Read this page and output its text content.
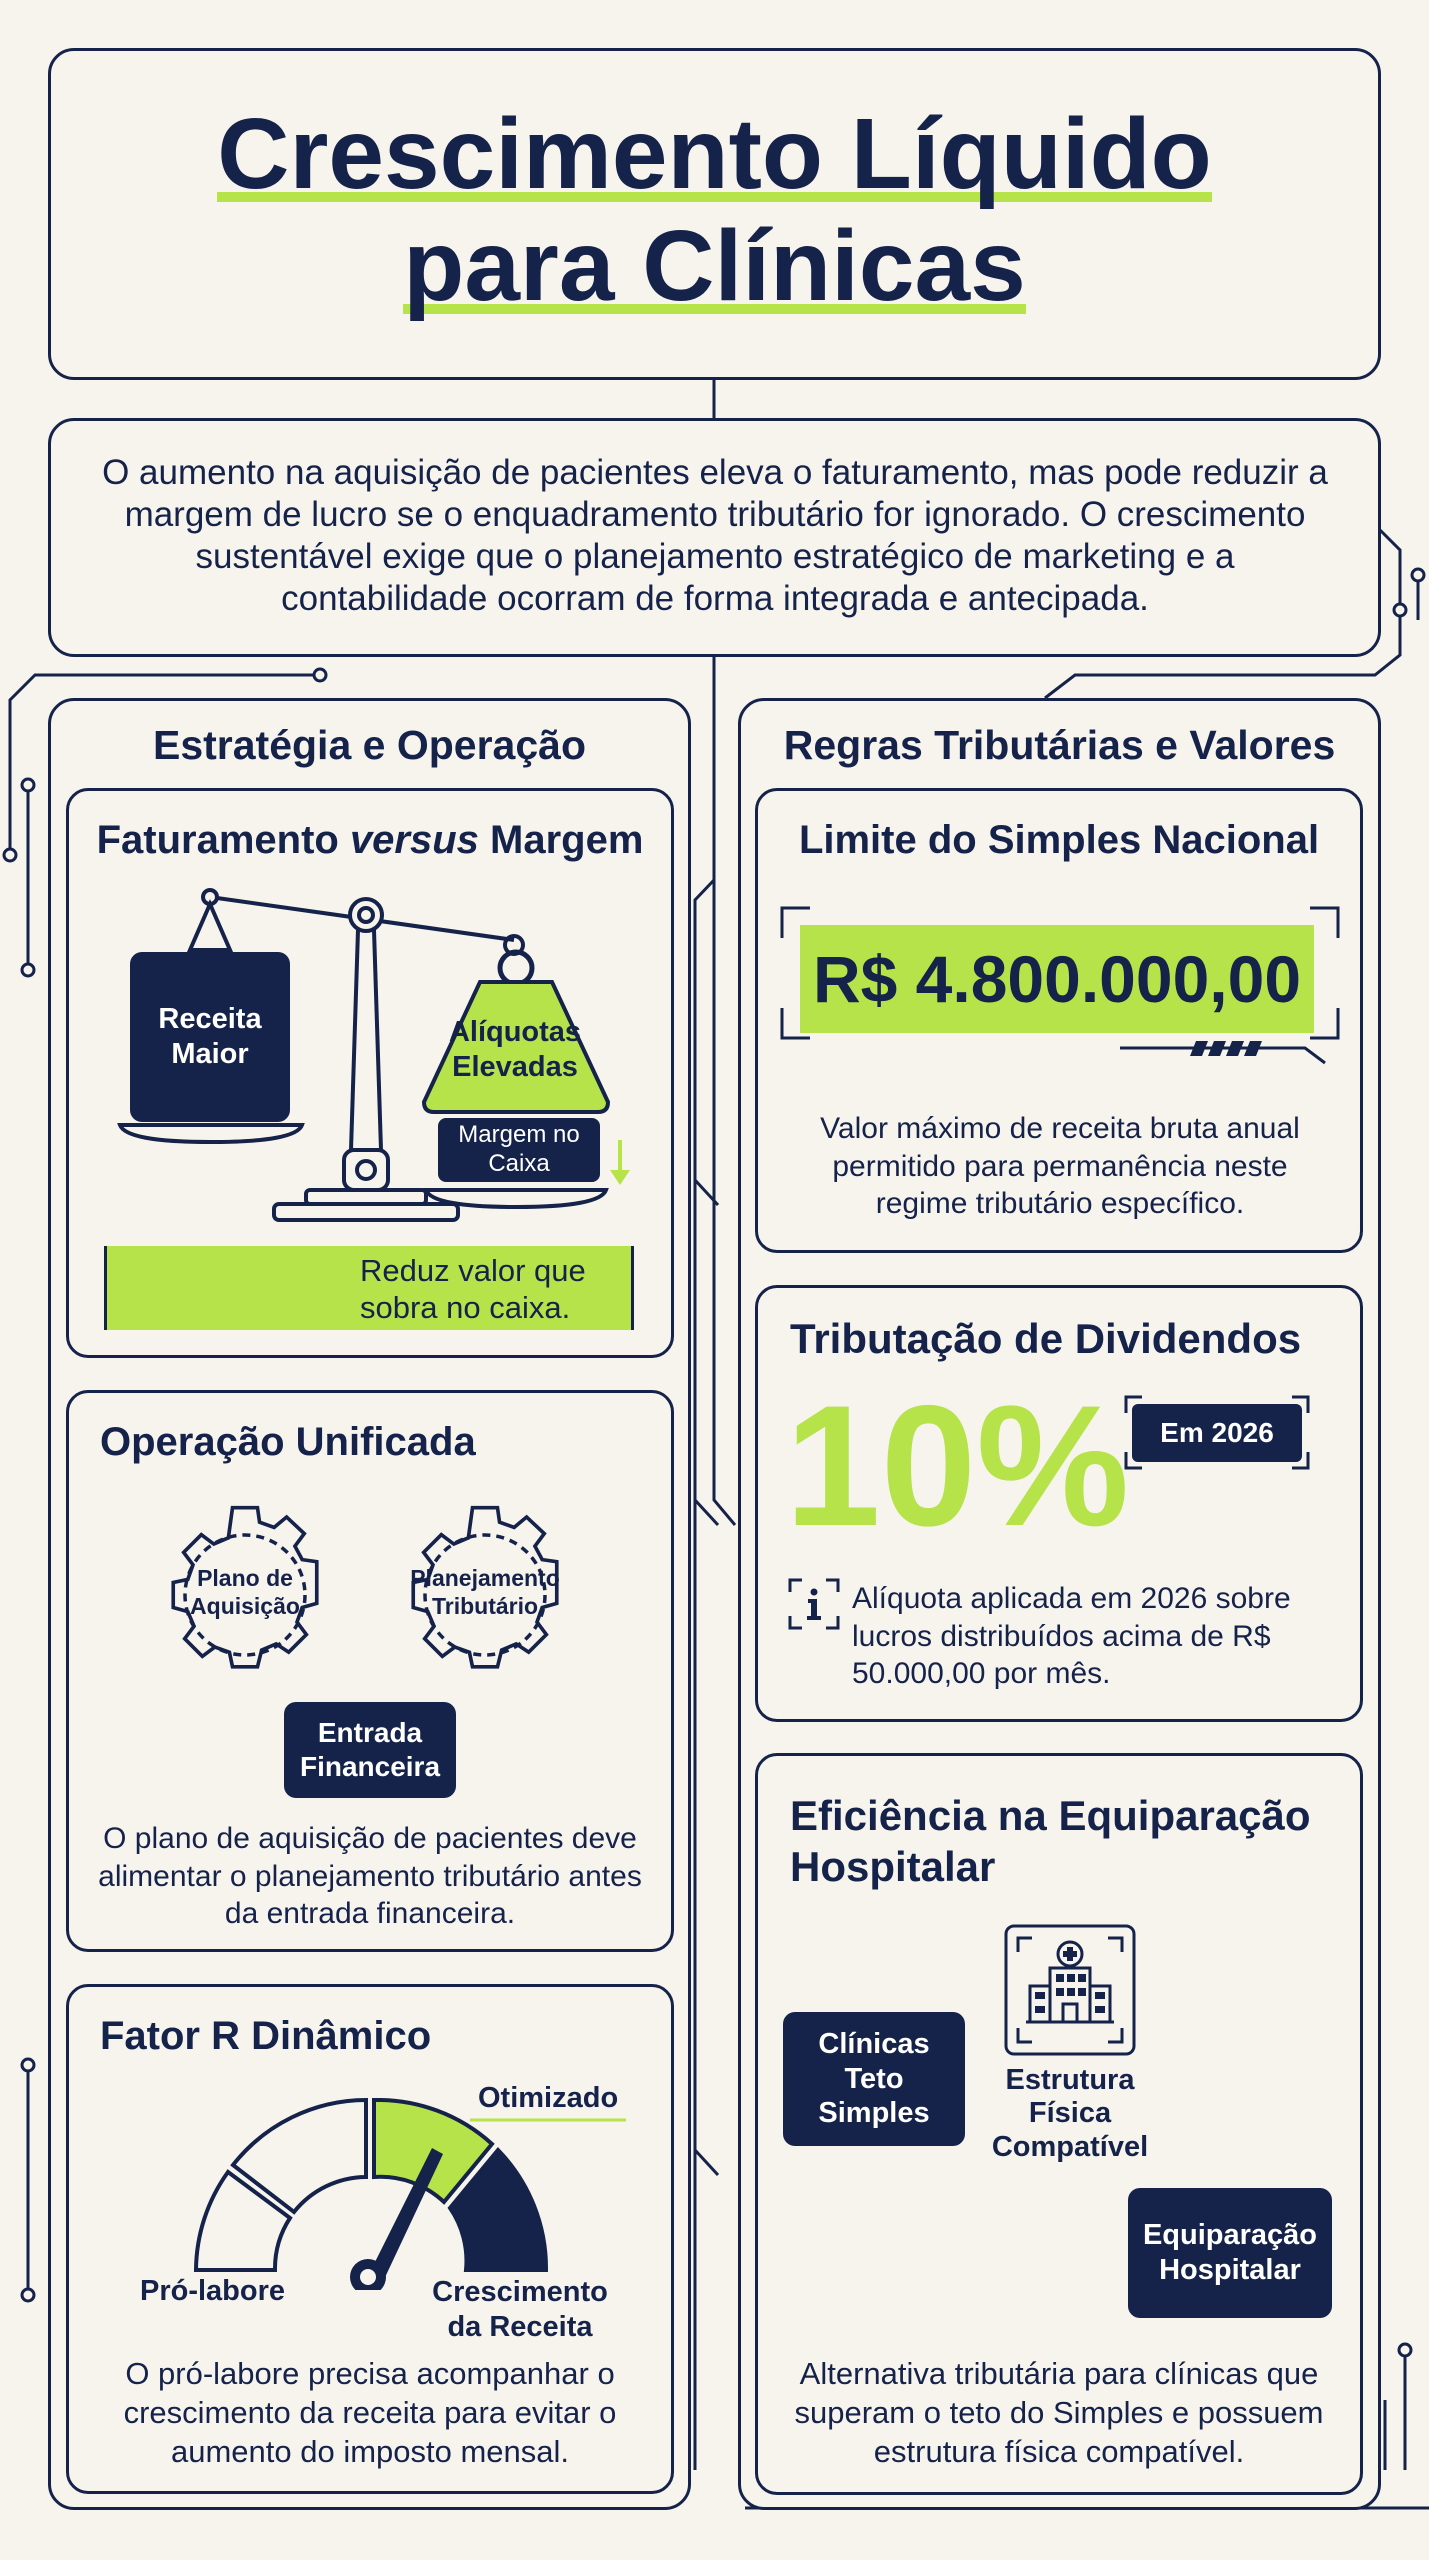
Crescimento Líquido
para Clínicas
O aumento na aquisição de pacientes eleva o faturamento, mas pode reduzir a margem de lucro se o enquadramento tributário for ignorado. O crescimento sustentável exige que o planejamento estratégico de marketing e a contabilidade ocorram de forma integrada e antecipada.
Estratégia e Operação
Faturamento versus Margem
Receita Maior
Alíquotas Elevadas
Margem no Caixa
Reduz valor que sobra no caixa.
Operação Unificada
Plano de Aquisição
Planejamento Tributário
Entrada Financeira
O plano de aquisição de pacientes deve alimentar o planejamento tributário antes da entrada financeira.
Fator R Dinâmico
Otimizado
Pró-labore	Crescimento da Receita
O pró-labore precisa acompanhar o crescimento da receita para evitar o aumento do imposto mensal.
Regras Tributárias e Valores
Limite do Simples Nacional
R$ 4.800.000,00
Valor máximo de receita bruta anual permitido para permanência neste regime tributário específico.
Tributação de Dividendos
10%	Em 2026
Alíquota aplicada em 2026 sobre lucros distribuídos acima de R$ 50.000,00 por mês.
Eficiência na Equiparação Hospitalar
Clínicas Teto Simples
Estrutura Física Compatível
Equiparação Hospitalar
Alternativa tributária para clínicas que superam o teto do Simples e possuem estrutura física compatível.
